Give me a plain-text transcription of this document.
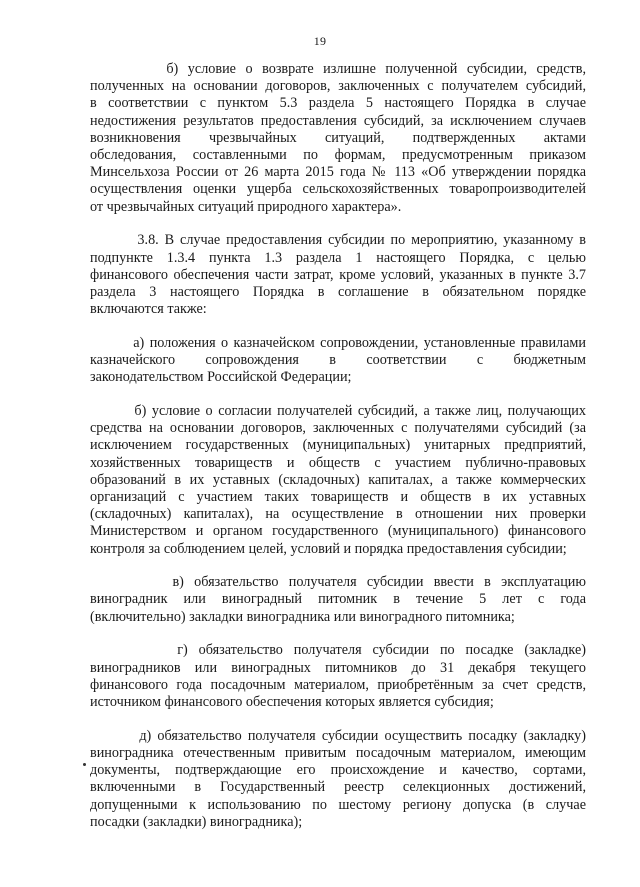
19

б) условие о возврате излишне полученной субсидии, средств,

полученных на основании договоров, заключенных с получателем субсидий,

в соответствии с пунктом 5.3 раздела 5 настоящего Порядка в случае

недостижения результатов предоставления субсидий, за исключением случаев

возникновения чрезвычайных ситуаций, подтвержденных актами

обследования, составленными по формам, предусмотренным приказом

Минсельхоза России от 26 марта 2015 года № 113 «Об утверждении порядка

осуществления оценки ущерба сельскохозяйственных товаропроизводителей

от чрезвычайных ситуаций природного характера».

3.8. В случае предоставления субсидии по мероприятию, указанному в

подпункте 1.3.4 пункта 1.3 раздела 1 настоящего Порядка, с целью

финансового обеспечения части затрат, кроме условий, указанных в пункте 3.7

раздела 3 настоящего Порядка в соглашение в обязательном порядке

включаются также:

а) положения о казначейском сопровождении, установленные правилами

казначейского сопровождения в соответствии с бюджетным

законодательством Российской Федерации;

б) условие о согласии получателей субсидий, а также лиц, получающих

средства на основании договоров, заключенных с получателями субсидий (за

исключением государственных (муниципальных) унитарных предприятий,

хозяйственных товариществ и обществ с участием публично-правовых

образований в их уставных (складочных) капиталах, а также коммерческих

организаций с участием таких товариществ и обществ в их уставных

(складочных) капиталах), на осуществление в отношении них проверки

Министерством и органом государственного (муниципального) финансового

контроля за соблюдением целей, условий и порядка предоставления субсидии;

в) обязательство получателя субсидии ввести в эксплуатацию

виноградник или виноградный питомник в течение 5 лет с года

(включительно) закладки виноградника или виноградного питомника;

г) обязательство получателя субсидии по посадке (закладке)

виноградников или виноградных питомников до 31 декабря текущего

финансового года посадочным материалом, приобретённым за счет средств,

источником финансового обеспечения которых является субсидия;

д) обязательство получателя субсидии осуществить посадку (закладку)

виноградника отечественным привитым посадочным материалом, имеющим

документы, подтверждающие его происхождение и качество, сортами,

включенными в Государственный реестр селекционных достижений,

допущенными к использованию по шестому региону допуска (в случае

посадки (закладки) виноградника);
